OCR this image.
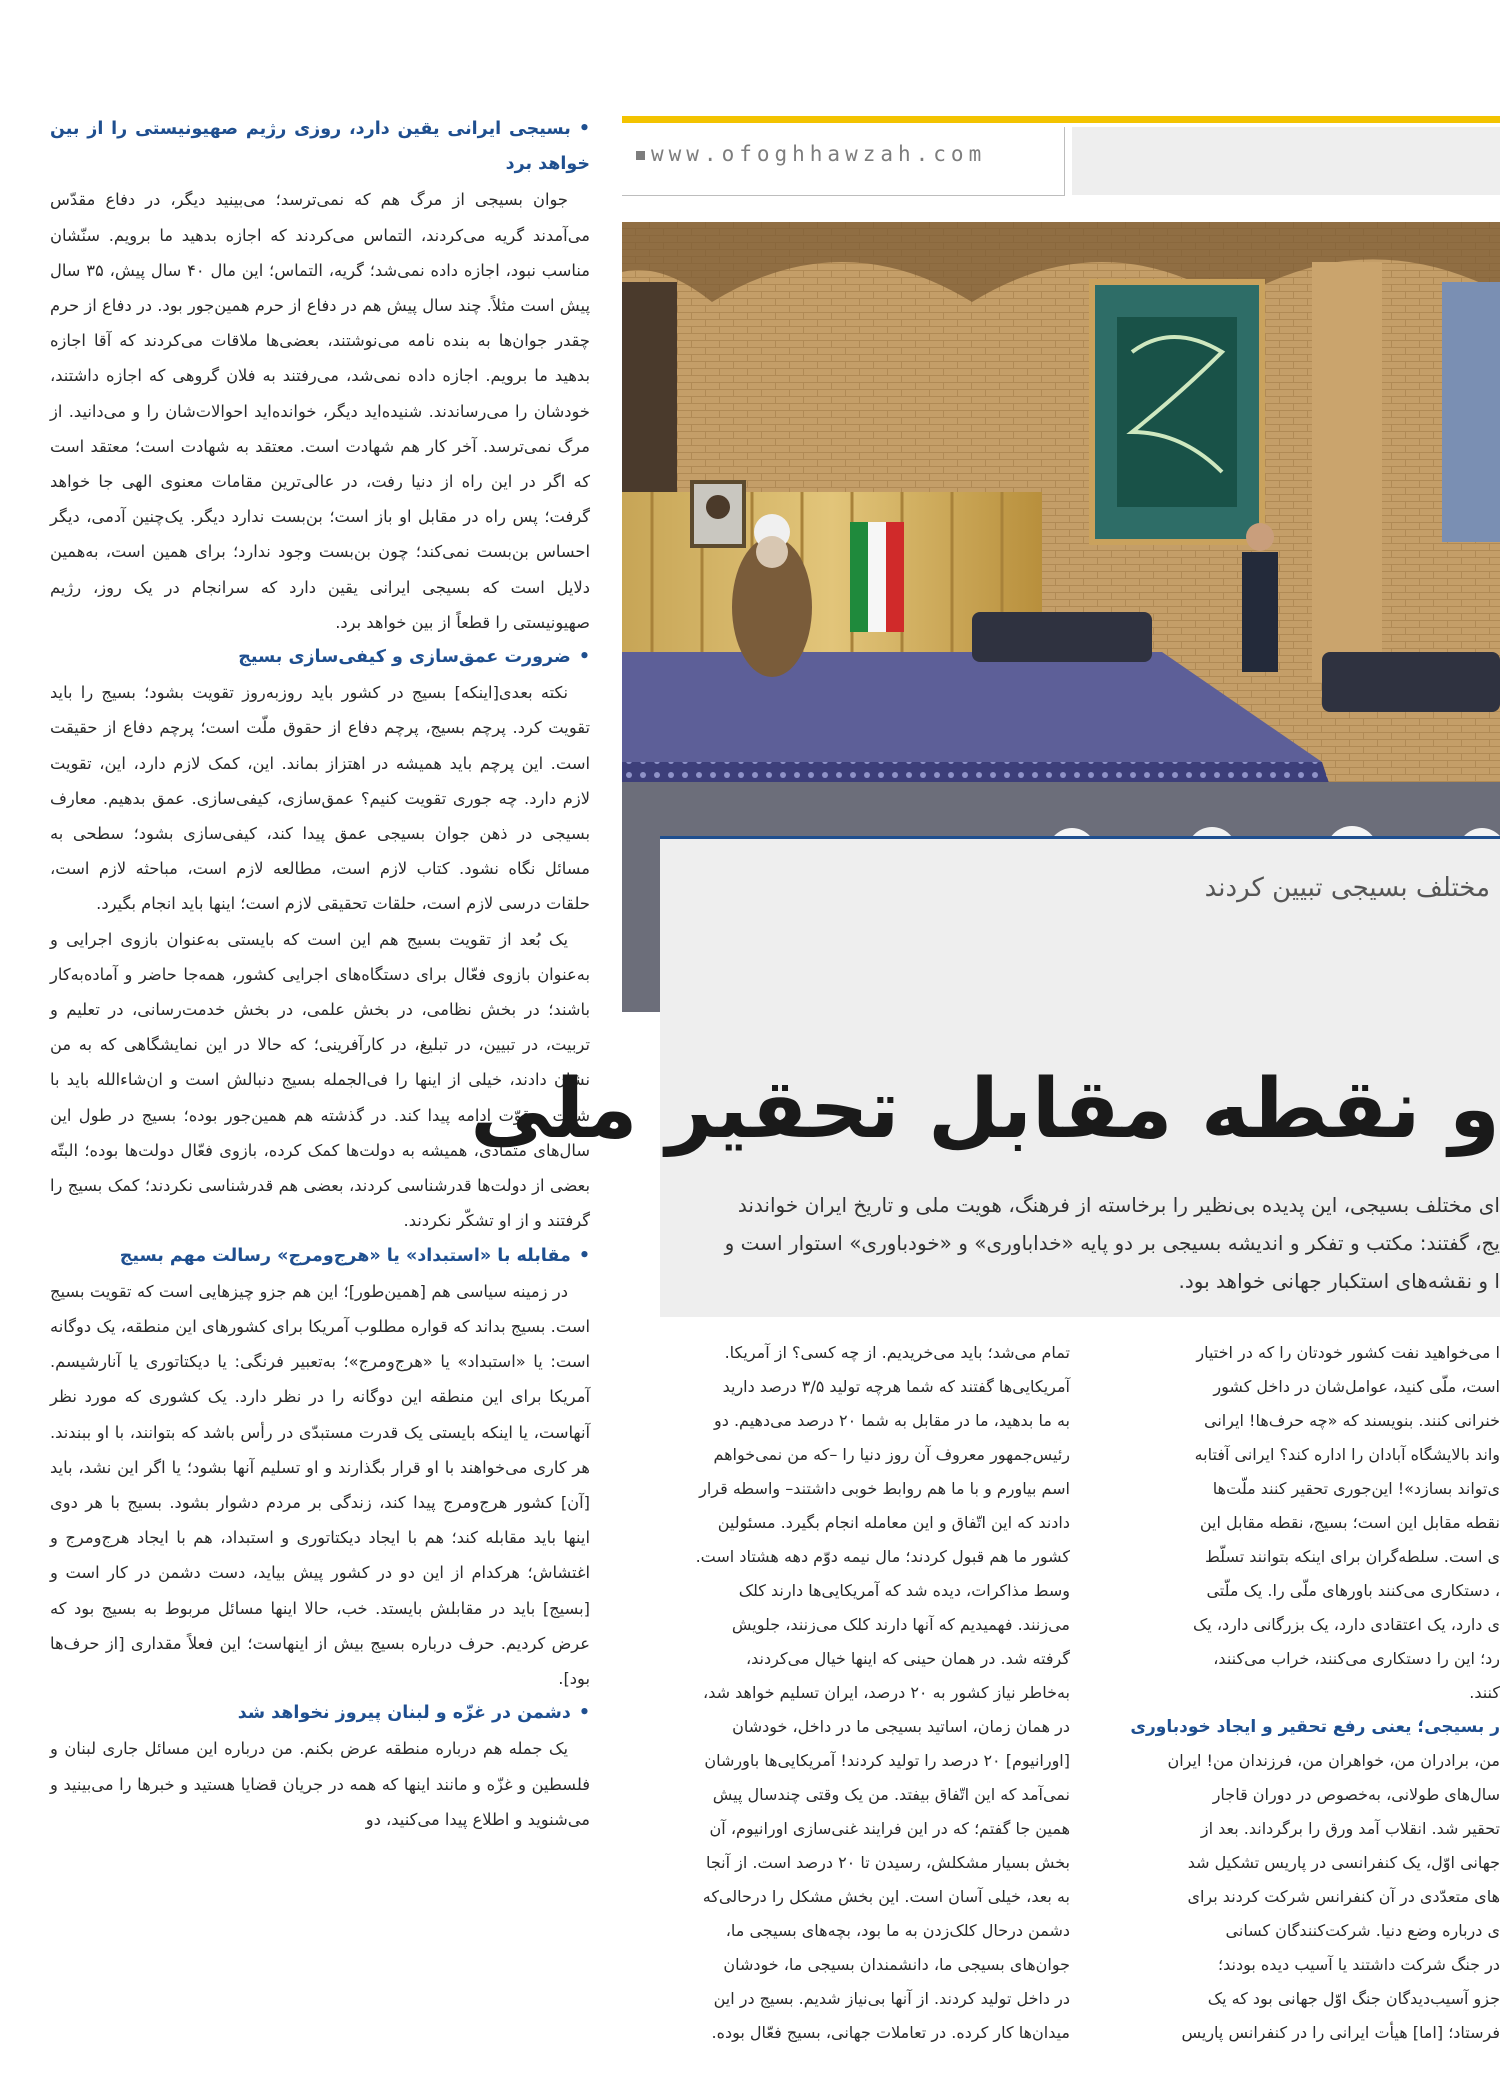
•بسیجی ایرانی یقین دارد، روزی رژیم صهیونیستی را از بین خواهد برد

جوان بسیجی از مرگ هم که نمی‌ترسد؛ می‌بینید دیگر، در دفاع مقدّس می‌آمدند گریه می‌کردند، التماس می‌کردند که اجازه بدهید ما برویم. سنّشان مناسب نبود، اجازه داده نمی‌شد؛ گریه، التماس؛ این مال ۴۰ سال پیش، ۳۵ سال پیش است مثلاً. چند سال پیش هم در دفاع از حرم همین‌جور بود. در دفاع از حرم چقدر جوان‌ها به بنده نامه می‌نوشتند، بعضی‌ها ملاقات می‌کردند که آقا اجازه بدهید ما برویم. اجازه داده نمی‌شد، می‌رفتند به فلان گروهی که اجازه داشتند، خودشان را می‌رساندند. شنیده‌اید دیگر، خوانده‌اید احوالات‌شان را و می‌دانید. از مرگ نمی‌ترسد. آخر کار هم شهادت است. معتقد به شهادت است؛ معتقد است که اگر در این راه از دنیا رفت، در عالی‌ترین مقامات معنوی الهی جا خواهد گرفت؛ پس راه در مقابل او باز است؛ بن‌بست ندارد دیگر. یک‌چنین آدمی، دیگر احساس بن‌بست نمی‌کند؛ چون بن‌بست وجود ندارد؛ برای همین است، به‌همین دلایل است که بسیجی ایرانی یقین دارد که سرانجام در یک روز، رژیم صهیونیستی را قطعاً از بین خواهد برد.

•ضرورت عمق‌سازی و کیفی‌سازی بسیج

نکته بعدی[اینکه] بسیج در کشور باید روزبه‌روز تقویت بشود؛ بسیج را باید تقویت کرد. پرچم بسیج، پرچم دفاع از حقوق ملّت است؛ پرچم دفاع از حقیقت است. این پرچم باید همیشه در اهتزاز بماند. این، کمک لازم دارد، این، تقویت لازم دارد. چه جوری تقویت کنیم؟ عمق‌سازی، کیفی‌سازی. عمق بدهیم. معارف بسیجی در ذهن جوان بسیجی عمق پیدا کند، کیفی‌سازی بشود؛ سطحی به مسائل نگاه نشود. کتاب لازم است، مطالعه لازم است، مباحثه لازم است، حلقات درسی لازم است، حلقات تحقیقی لازم است؛ اینها باید انجام بگیرد.

یک بُعد از تقویت بسیج هم این است که بایستی به‌عنوان بازوی اجرایی و به‌عنوان بازوی فعّال برای دستگاه‌های اجرایی کشور، همه‌جا حاضر و آماده‌به‌کار باشند؛ در بخش نظامی، در بخش علمی، در بخش خدمت‌رسانی، در تعلیم و تربیت، در تبیین، در تبلیغ، در کارآفرینی؛ که حالا در این نمایشگاهی که به من نشان دادند، خیلی از اینها را فی‌الجمله بسیج دنبالش است و ان‌شاءالله باید با شدّت و قوّت ادامه پیدا کند. در گذشته هم همین‌جور بوده؛ بسیج در طول این سال‌های متمادی، همیشه به دولت‌ها کمک کرده، بازوی فعّال دولت‌ها بوده؛ البتّه بعضی از دولت‌ها قدرشناسی کردند، بعضی هم قدرشناسی نکردند؛ کمک بسیج را گرفتند و از او تشکّر نکردند.

•مقابله با «استبداد» یا «هرج‌ومرج» رسالت مهم بسیج

در زمینه سیاسی هم [همین‌طور]؛ این هم جزو چیزهایی است که تقویت بسیج است. بسیج بداند که قواره مطلوب آمریکا برای کشورهای این منطقه، یک دوگانه است: یا «استبداد» یا «هرج‌ومرج»؛ به‌تعبیر فرنگی: یا دیکتاتوری یا آنارشیسم. آمریکا برای این منطقه این دوگانه را در نظر دارد. یک کشوری که مورد نظر آنهاست، یا اینکه بایستی یک قدرت مستبدّی در رأس باشد که بتوانند، با او ببندند. هر کاری می‌خواهند با او قرار بگذارند و او تسلیم آنها بشود؛ یا اگر این نشد، باید [آن] کشور هرج‌ومرج پیدا کند، زندگی بر مردم دشوار بشود. بسیج با هر دوی اینها باید مقابله کند؛ هم با ایجاد دیکتاتوری و استبداد، هم با ایجاد هرج‌ومرج و اغتشاش؛ هرکدام از این دو در کشور پیش بیاید، دست دشمن در کار است و [بسیج] باید در مقابلش بایستد. خب، حالا اینها مسائل مربوط به بسیج بود که عرض کردیم. حرف درباره بسیج بیش از اینهاست؛ این فعلاً مقداری [از حرف‌ها بود].

•دشمن در غزّه و لبنان پیروز نخواهد شد

یک جمله هم درباره منطقه عرض بکنم. من درباره این مسائل جاری لبنان و فلسطین و غزّه و مانند اینها که همه در جریان قضایا هستید و خبرها را می‌بینید و می‌شنوید و اطلاع پیدا می‌کنید، دو

www.ofoghhawzah.com
مختلف بسیجی تبیین کردند
و نقطه مقابل تحقیر ملی
ای مختلف بسیجی، این پدیده بی‌نظیر را برخاسته از فرهنگ، هویت ملی و تاریخ ایران خواندند
یج، گفتند: مکتب و تفکر و اندیشه بسیجی بر دو پایه «خداباوری» و «خودباوری» استوار است و
ا و نقشه‌های استکبار جهانی خواهد بود.
تمام می‌شد؛ باید می‌خریدیم. از چه کسی؟ از آمریکا.
آمریکایی‌ها گفتند که شما هرچه تولید ۳/۵ درصد دارید
به ما بدهید، ما در مقابل به شما ۲۰ درصد می‌دهیم. دو
رئیس‌جمهور معروف آن روز دنیا را –که من نمی‌خواهم
اسم بیاورم و با ما هم روابط خوبی داشتند– واسطه قرار
دادند که این اتّفاق و این معامله انجام بگیرد. مسئولین
کشور ما هم قبول کردند؛ مال نیمه دوّم دهه هشتاد است.
وسط مذاکرات، دیده شد که آمریکایی‌ها دارند کلک
می‌زنند. فهمیدیم که آنها دارند کلک می‌زنند، جلویش
گرفته شد. در همان حینی که اینها خیال می‌کردند،
به‌خاطر نیاز کشور به ۲۰ درصد، ایران تسلیم خواهد شد،
در همان زمان، اساتید بسیجی ما در داخل، خودشان
[اورانیوم] ۲۰ درصد را تولید کردند! آمریکایی‌ها باورشان
نمی‌آمد که این اتّفاق بیفتد. من یک وقتی چندسال پیش
همین جا گفتم؛ که در این فرایند غنی‌سازی اورانیوم، آن
بخش بسیار مشکلش، رسیدن تا ۲۰ درصد است. از آنجا
به بعد، خیلی آسان است. این بخش مشکل را درحالی‌که
دشمن درحال کلک‌زدن به ما بود، بچه‌های بسیجی ما،
جوان‌های بسیجی ما، دانشمندان بسیجی ما، خودشان
در داخل تولید کردند. از آنها بی‌نیاز شدیم. بسیج در این
میدان‌ها کار کرده. در تعاملات جهانی، بسیج فعّال بوده.
ا می‌خواهید نفت کشور خودتان را که در اختیار
است، ملّی کنید، عوامل‌شان در داخل کشور
خنرانی کنند. بنویسند که «چه حرف‌ها! ایرانی
واند بالایشگاه آبادان را اداره کند؟ ایرانی آفتابه
ی‌تواند بسازد»! این‌جوری تحقیر کنند ملّت‌ها
نقطه مقابل این است؛ بسیج، نقطه مقابل این
ی است. سلطه‌گران برای اینکه بتوانند تسلّط
، دستکاری می‌کنند باورهای ملّی را. یک ملّتی
ی دارد، یک اعتقادی دارد، یک بزرگانی دارد، یک
رد؛ این را دستکاری می‌کنند، خراب می‌کنند،
کنند.
ر بسیجی؛ یعنی رفع تحقیر و ایجاد خودباوری
من، برادران من، خواهران من، فرزندان من! ایران
سال‌های طولانی، به‌خصوص در دوران قاجار
تحقیر شد. انقلاب آمد ورق را برگرداند. بعد از
جهانی اوّل، یک کنفرانسی در پاریس تشکیل شد
های متعدّدی در آن کنفرانس شرکت کردند برای
ی درباره وضع دنیا. شرکت‌کنندگان کسانی
در جنگ شرکت داشتند یا آسیب دیده بودند؛
جزو آسیب‌دیدگان جنگ اوّل جهانی بود که یک
فرستاد؛ [اما] هیأت ایرانی را در کنفرانس پاریس
